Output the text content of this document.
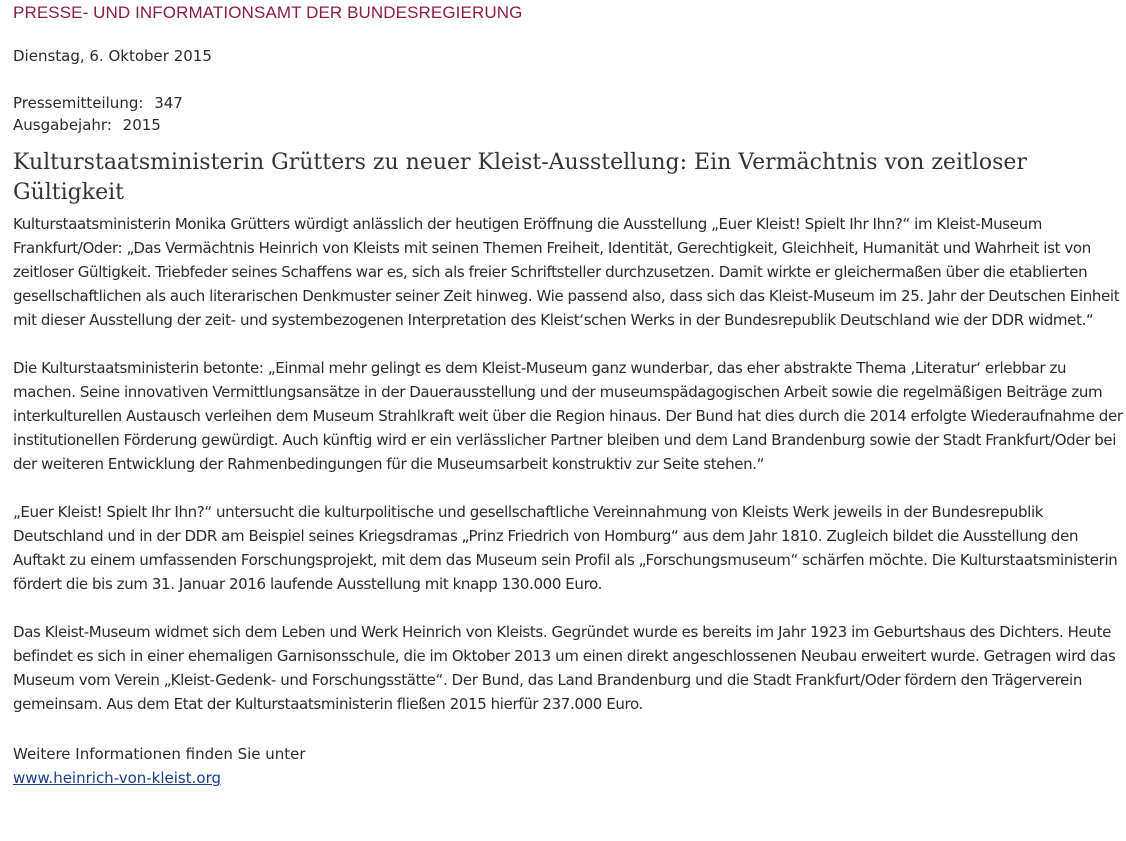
PRESSE- UND INFORMATIONSAMT DER BUNDESREGIERUNG
Dienstag, 6. Oktober 2015
Pressemitteilung: 347
Ausgabejahr: 2015
Kulturstaatsministerin Grütters zu neuer Kleist-Ausstellung: Ein Vermächtnis von zeitloser Gültigkeit

Kulturstaatsministerin Monika Grütters würdigt anlässlich der heutigen Eröffnung die Ausstellung „Euer Kleist! Spielt Ihr Ihn?“ im Kleist-Museum Frankfurt/Oder: „Das Vermächtnis Heinrich von Kleists mit seinen Themen Freiheit, Identität, Gerechtigkeit, Gleichheit, Humanität und Wahrheit ist von zeitloser Gültigkeit. Triebfeder seines Schaffens war es, sich als freier Schriftsteller durchzusetzen. Damit wirkte er gleichermaßen über die etablierten gesellschaftlichen als auch literarischen Denkmuster seiner Zeit hinweg. Wie passend also, dass sich das Kleist-Museum im 25. Jahr der Deutschen Einheit mit dieser Ausstellung der zeit- und systembezogenen Interpretation des Kleist‘schen Werks in der Bundesrepublik Deutschland wie der DDR widmet.“

Die Kulturstaatsministerin betonte: „Einmal mehr gelingt es dem Kleist-Museum ganz wunderbar, das eher abstrakte Thema ‚Literatur‘ erlebbar zu machen. Seine innovativen Vermittlungsansätze in der Dauerausstellung und der museumspädagogischen Arbeit sowie die regelmäßigen Beiträge zum interkulturellen Austausch verleihen dem Museum Strahlkraft weit über die Region hinaus. Der Bund hat dies durch die 2014 erfolgte Wiederaufnahme der institutionellen Förderung gewürdigt. Auch künftig wird er ein verlässlicher Partner bleiben und dem Land Brandenburg sowie der Stadt Frankfurt/Oder bei der weiteren Entwicklung der Rahmenbedingungen für die Museumsarbeit konstruktiv zur Seite stehen.“

„Euer Kleist! Spielt Ihr Ihn?“ untersucht die kulturpolitische und gesellschaftliche Vereinnahmung von Kleists Werk jeweils in der Bundesrepublik Deutschland und in der DDR am Beispiel seines Kriegsdramas „Prinz Friedrich von Homburg“ aus dem Jahr 1810. Zugleich bildet die Ausstellung den Auftakt zu einem umfassenden Forschungsprojekt, mit dem das Museum sein Profil als „Forschungsmuseum“ schärfen möchte. Die Kulturstaatsministerin fördert die bis zum 31. Januar 2016 laufende Ausstellung mit knapp 130.000 Euro.

Das Kleist-Museum widmet sich dem Leben und Werk Heinrich von Kleists. Gegründet wurde es bereits im Jahr 1923 im Geburtshaus des Dichters. Heute befindet es sich in einer ehemaligen Garnisonsschule, die im Oktober 2013 um einen direkt angeschlossenen Neubau erweitert wurde. Getragen wird das Museum vom Verein „Kleist-Gedenk- und Forschungsstätte“. Der Bund, das Land Brandenburg und die Stadt Frankfurt/Oder fördern den Trägerverein gemeinsam. Aus dem Etat der Kulturstaatsministerin fließen 2015 hierfür 237.000 Euro.

Weitere Informationen finden Sie unter
www.heinrich-von-kleist.org
